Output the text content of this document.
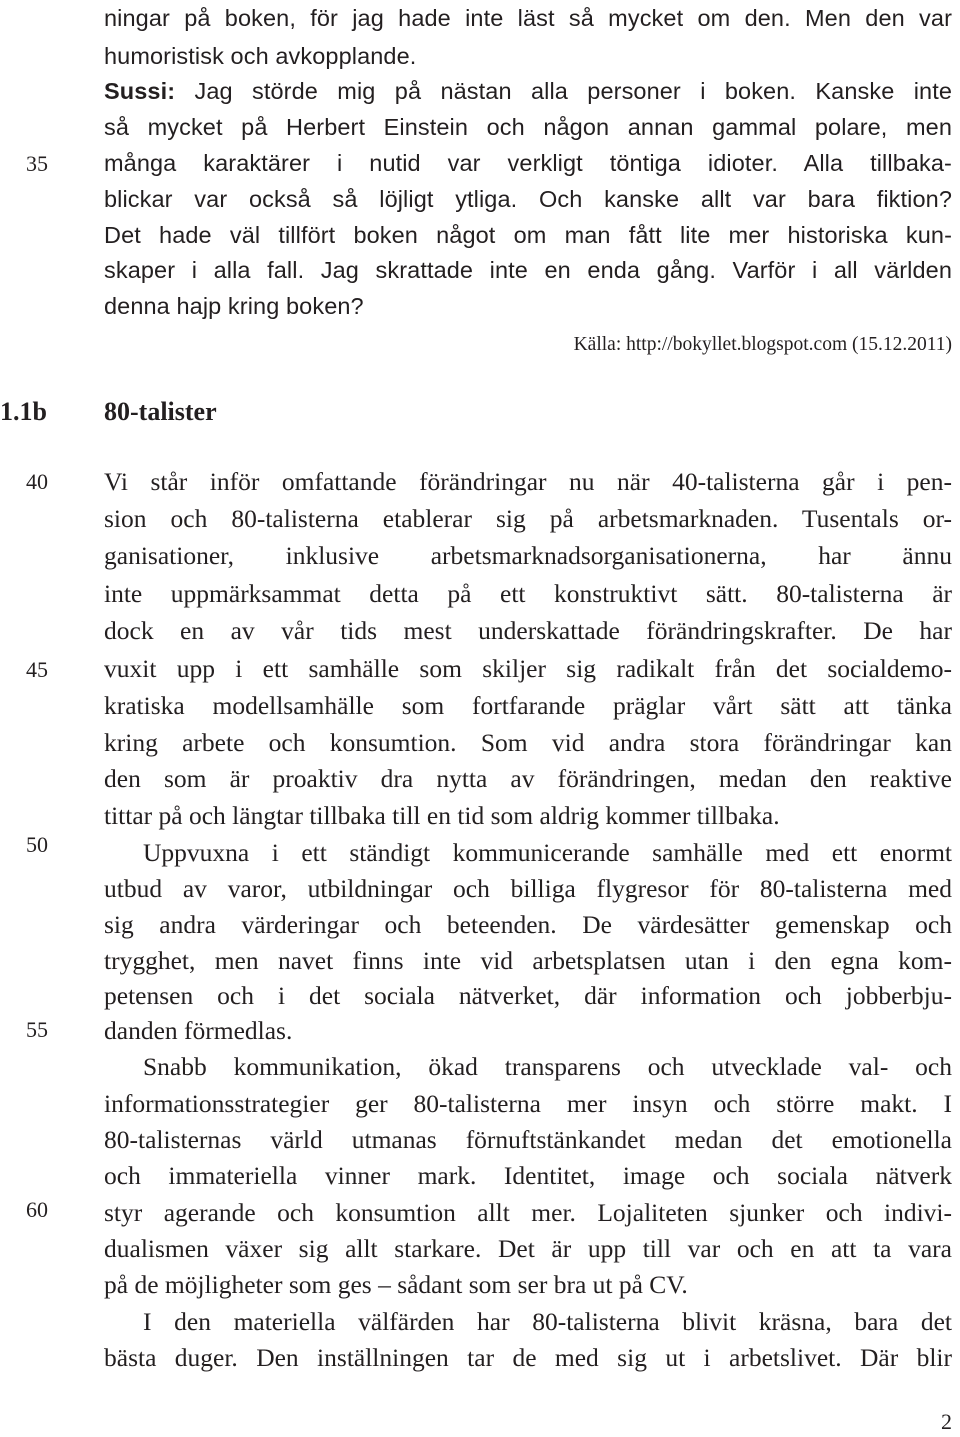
ningar på boken, för jag hade inte läst så mycket om den. Men den var
humoristisk och avkopplande.
Sussi: Jag störde mig på nästan alla personer i boken. Kanske inte
så mycket på Herbert Einstein och någon annan gammal polare, men
många karaktärer i nutid var verkligt töntiga idioter. Alla tillbaka-
blickar var också så löjligt ytliga. Och kanske allt var bara fiktion?
Det hade väl tillfört boken något om man fått lite mer historiska kun-
skaper i alla fall. Jag skrattade inte en enda gång. Varför i all världen
denna hajp kring boken?
Källa: http://bokyllet.blogspot.com (15.12.2011)
1.1b 80-talister
35
40
45
50
55
60
Vi står inför omfattande förändringar nu när 40-talisterna går i pen-
sion och 80-talisterna etablerar sig på arbetsmarknaden. Tusentals or-
ganisationer, inklusive arbetsmarknadsorganisationerna, har ännu
inte uppmärksammat detta på ett konstruktivt sätt. 80-talisterna är
dock en av vår tids mest underskattade förändringskrafter. De har
vuxit upp i ett samhälle som skiljer sig radikalt från det socialdemo-
kratiska modellsamhälle som fortfarande präglar vårt sätt att tänka
kring arbete och konsumtion. Som vid andra stora förändringar kan
den som är proaktiv dra nytta av förändringen, medan den reaktive
tittar på och längtar tillbaka till en tid som aldrig kommer tillbaka.
Uppvuxna i ett ständigt kommunicerande samhälle med ett enormt
utbud av varor, utbildningar och billiga flygresor för 80-talisterna med
sig andra värderingar och beteenden. De värdesätter gemenskap och
trygghet, men navet finns inte vid arbetsplatsen utan i den egna kom-
petensen och i det sociala nätverket, där information och jobberbju-
danden förmedlas.
Snabb kommunikation, ökad transparens och utvecklade val- och
informationsstrategier ger 80-talisterna mer insyn och större makt. I
80-talisternas värld utmanas förnuftstänkandet medan det emotionella
och immateriella vinner mark. Identitet, image och sociala nätverk
styr agerande och konsumtion allt mer. Lojaliteten sjunker och indivi-
dualismen växer sig allt starkare. Det är upp till var och en att ta vara
på de möjligheter som ges – sådant som ser bra ut på CV.
I den materiella välfärden har 80-talisterna blivit kräsna, bara det
bästa duger. Den inställningen tar de med sig ut i arbetslivet. Där blir
2
